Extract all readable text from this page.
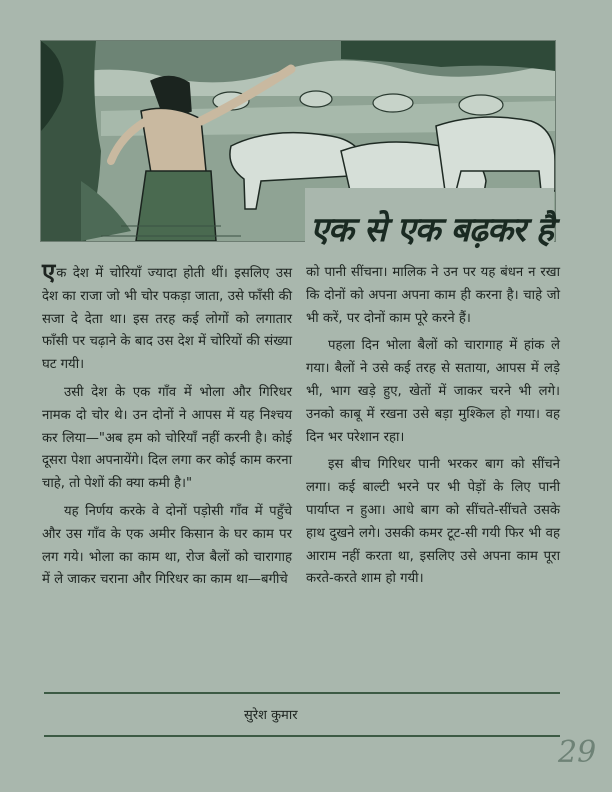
एक से एक बढ़कर है

एक देश में चोरियाँ ज्यादा होती थीं। इसलिए उस देश का राजा जो भी चोर पकड़ा जाता, उसे फाँसी की सजा दे देता था। इस तरह कई लोगों को लगातार फाँसी पर चढ़ाने के बाद उस देश में चोरियों की संख्या घट गयी।

उसी देश के एक गाँव में भोला और गिरिधर नामक दो चोर थे। उन दोनों ने आपस में यह निश्चय कर लिया—"अब हम को चोरियाँ नहीं करनी है। कोई दूसरा पेशा अपनायेंगे। दिल लगा कर कोई काम करना चाहे, तो पेशों की क्या कमी है।"

यह निर्णय करके वे दोनों पड़ोसी गाँव में पहुँचे और उस गाँव के एक अमीर किसान के घर काम पर लग गये। भोला का काम था, रोज बैलों को चारागाह में ले जाकर चराना और गिरिधर का काम था—बगीचे

को पानी सींचना। मालिक ने उन पर यह बंधन न रखा कि दोनों को अपना अपना काम ही करना है। चाहे जो भी करें, पर दोनों काम पूरे करने हैं।

पहला दिन भोला बैलों को चारागाह में हांक ले गया। बैलों ने उसे कई तरह से सताया, आपस में लड़े भी, भाग खड़े हुए, खेतों में जाकर चरने भी लगे। उनको काबू में रखना उसे बड़ा मुश्किल हो गया। वह दिन भर परेशान रहा।

इस बीच गिरिधर पानी भरकर बाग को सींचने लगा। कई बाल्टी भरने पर भी पेड़ों के लिए पानी पार्याप्त न हुआ। आधे बाग को सींचते-सींचते उसके हाथ दुखने लगे। उसकी कमर टूट-सी गयी फिर भी वह आराम नहीं करता था, इसलिए उसे अपना काम पूरा करते-करते शाम हो गयी।

सुरेश कुमार
29
